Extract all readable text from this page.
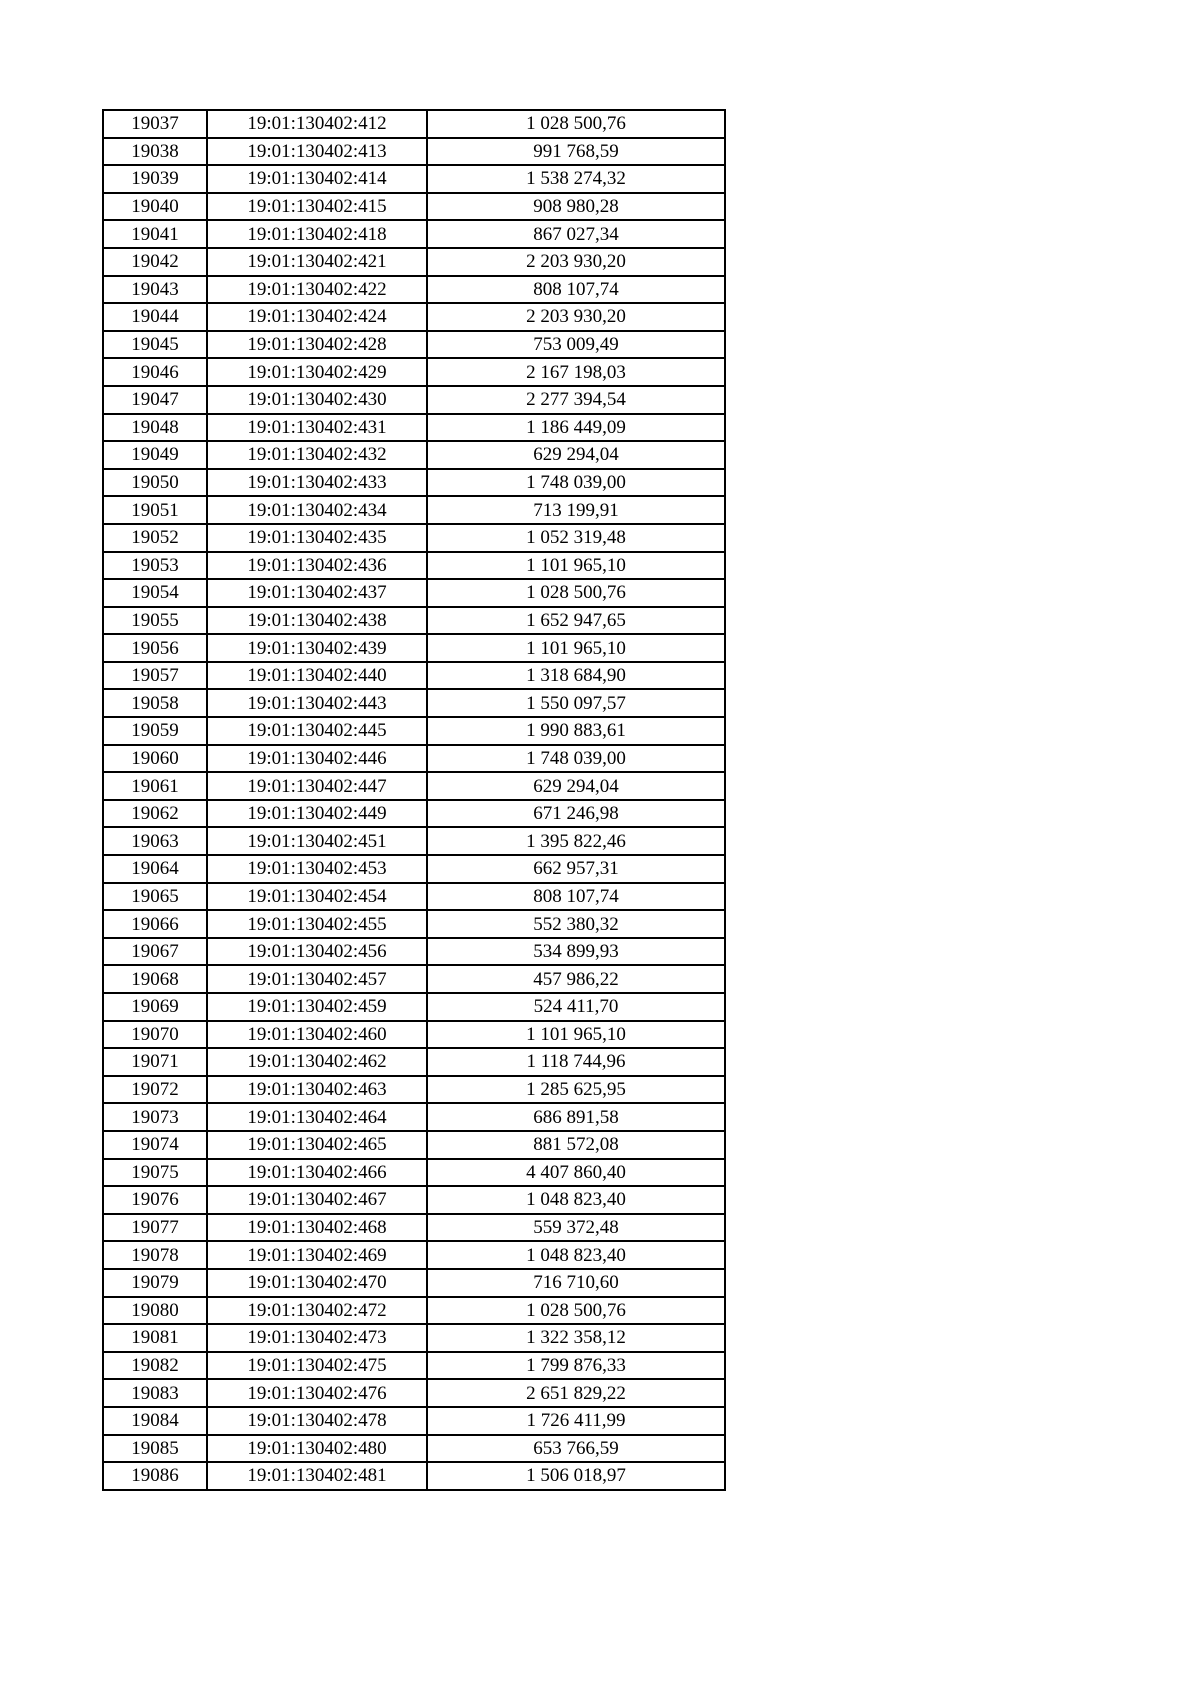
19037	19:01:130402:412	1 028 500,76
19038	19:01:130402:413	991 768,59
19039	19:01:130402:414	1 538 274,32
19040	19:01:130402:415	908 980,28
19041	19:01:130402:418	867 027,34
19042	19:01:130402:421	2 203 930,20
19043	19:01:130402:422	808 107,74
19044	19:01:130402:424	2 203 930,20
19045	19:01:130402:428	753 009,49
19046	19:01:130402:429	2 167 198,03
19047	19:01:130402:430	2 277 394,54
19048	19:01:130402:431	1 186 449,09
19049	19:01:130402:432	629 294,04
19050	19:01:130402:433	1 748 039,00
19051	19:01:130402:434	713 199,91
19052	19:01:130402:435	1 052 319,48
19053	19:01:130402:436	1 101 965,10
19054	19:01:130402:437	1 028 500,76
19055	19:01:130402:438	1 652 947,65
19056	19:01:130402:439	1 101 965,10
19057	19:01:130402:440	1 318 684,90
19058	19:01:130402:443	1 550 097,57
19059	19:01:130402:445	1 990 883,61
19060	19:01:130402:446	1 748 039,00
19061	19:01:130402:447	629 294,04
19062	19:01:130402:449	671 246,98
19063	19:01:130402:451	1 395 822,46
19064	19:01:130402:453	662 957,31
19065	19:01:130402:454	808 107,74
19066	19:01:130402:455	552 380,32
19067	19:01:130402:456	534 899,93
19068	19:01:130402:457	457 986,22
19069	19:01:130402:459	524 411,70
19070	19:01:130402:460	1 101 965,10
19071	19:01:130402:462	1 118 744,96
19072	19:01:130402:463	1 285 625,95
19073	19:01:130402:464	686 891,58
19074	19:01:130402:465	881 572,08
19075	19:01:130402:466	4 407 860,40
19076	19:01:130402:467	1 048 823,40
19077	19:01:130402:468	559 372,48
19078	19:01:130402:469	1 048 823,40
19079	19:01:130402:470	716 710,60
19080	19:01:130402:472	1 028 500,76
19081	19:01:130402:473	1 322 358,12
19082	19:01:130402:475	1 799 876,33
19083	19:01:130402:476	2 651 829,22
19084	19:01:130402:478	1 726 411,99
19085	19:01:130402:480	653 766,59
19086	19:01:130402:481	1 506 018,97
